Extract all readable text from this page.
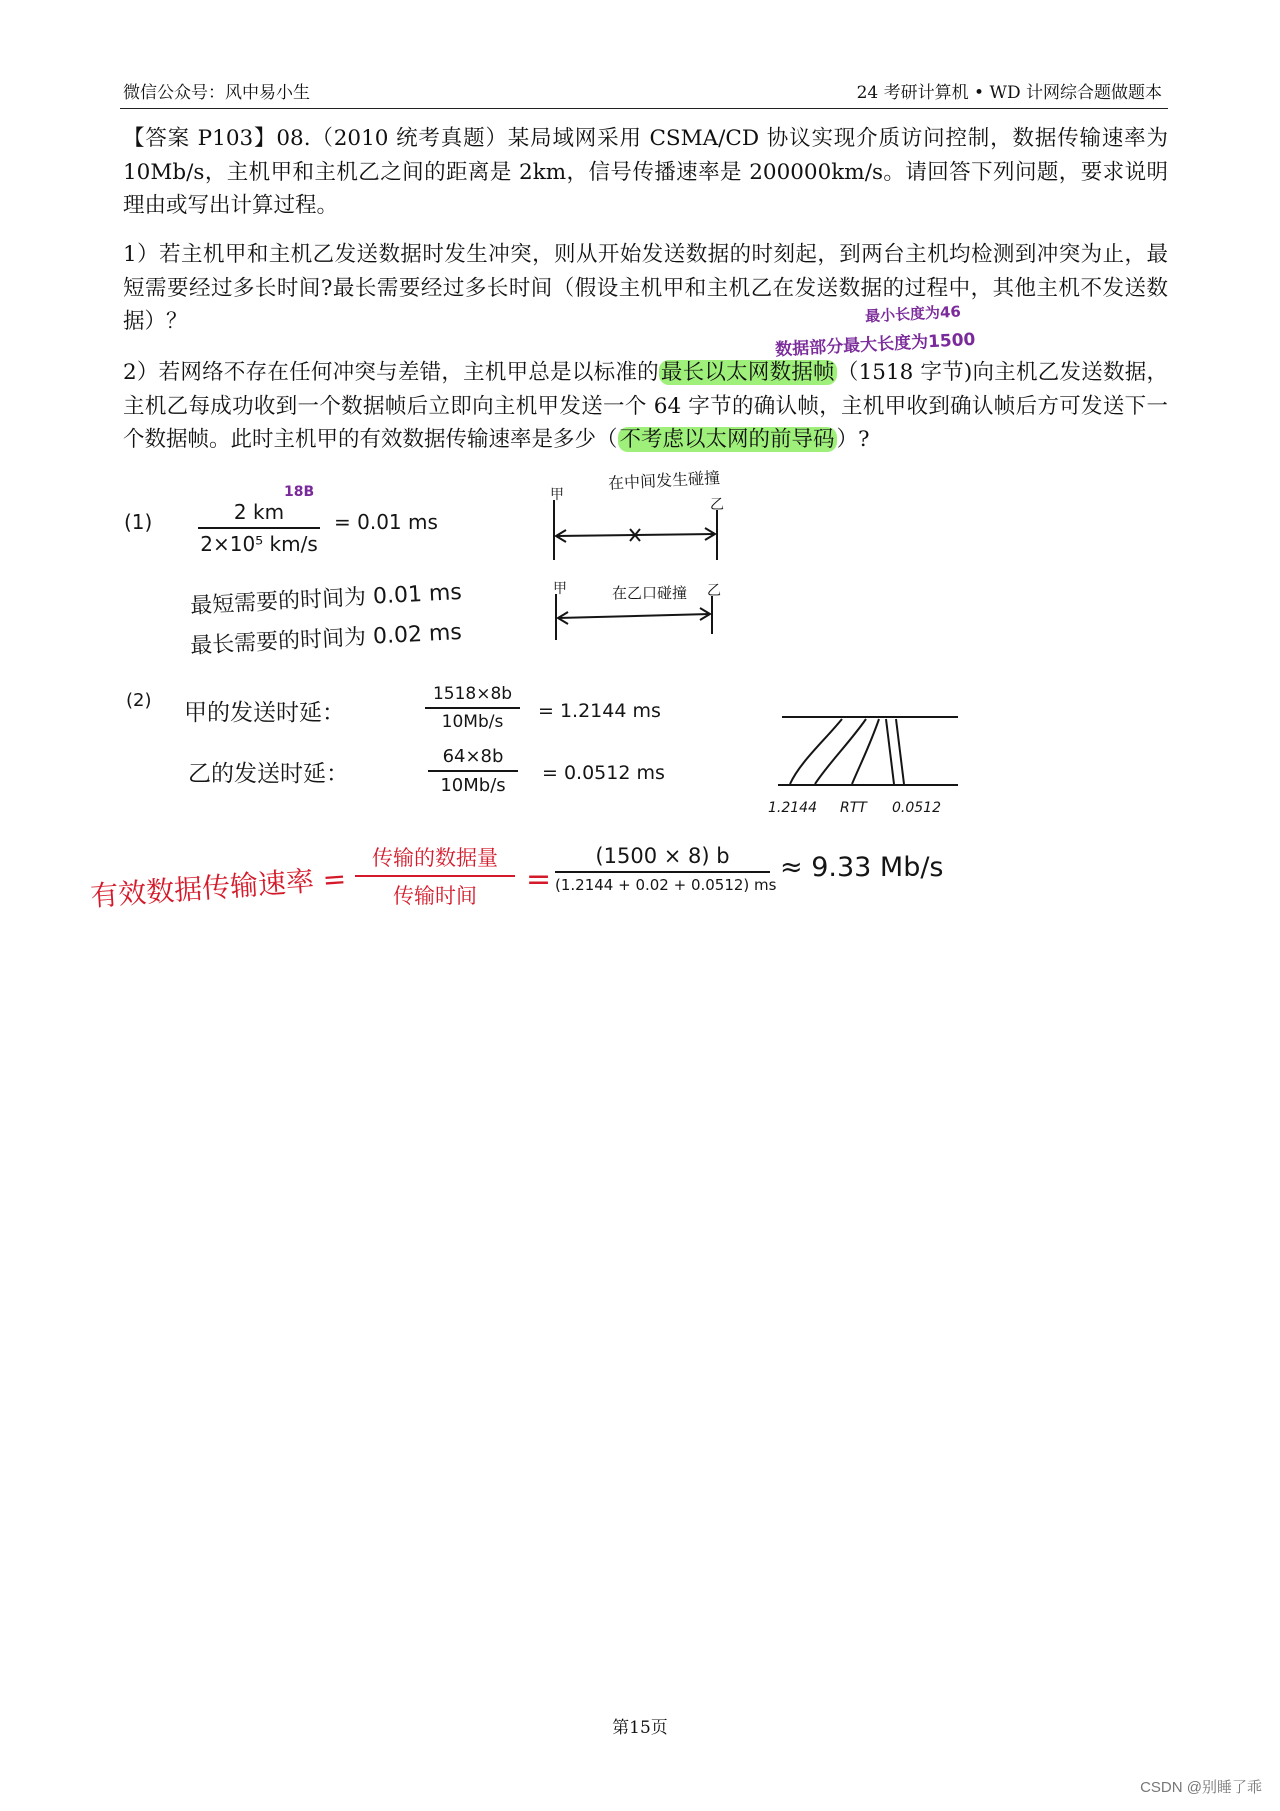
微信公众号：风中易小生	24 考研计算机 • WD 计网综合题做题本
【答案 P103】08.（2010 统考真题）某局域网采用 CSMA/CD 协议实现介质访问控制，数据传输速率为 10Mb/s，主机甲和主机乙之间的距离是 2km，信号传播速率是 200000km/s。请回答下列问题，要求说明理由或写出计算过程。
1）若主机甲和主机乙发送数据时发生冲突，则从开始发送数据的时刻起，到两台主机均检测到冲突为止，最短需要经过多长时间?最长需要经过多长时间（假设主机甲和主机乙在发送数据的过程中，其他主机不发送数据）？
2）若网络不存在任何冲突与差错，主机甲总是以标准的最长以太网数据帧（1518 字节)向主机乙发送数据，主机乙每成功收到一个数据帧后立即向主机甲发送一个 64 字节的确认帧，主机甲收到确认帧后方可发送下一个数据帧。此时主机甲的有效数据传输速率是多少（不考虑以太网的前导码）?
最小长度为46
数据部分最大长度为1500
18B
(1)	2 km
2×10⁵ km/s
= 0.01 ms
最短需要的时间为 0.01 ms
最长需要的时间为 0.02 ms
甲
乙
在中间发生碰撞
甲	乙
在乙口碰撞
(2) 甲的发送时延：
1518×8b
10Mb/s	= 1.2144 ms
乙的发送时延：
64×8b
10Mb/s
= 0.0512 ms
1.2144 RTT 0.0512
有效数据传输速率 =
传输的数据量
传输时间	=
(1500 × 8) b
(1.2144 + 0.02 + 0.0512) ms
≈ 9.33 Mb/s
第15页
CSDN @别睡了乖
